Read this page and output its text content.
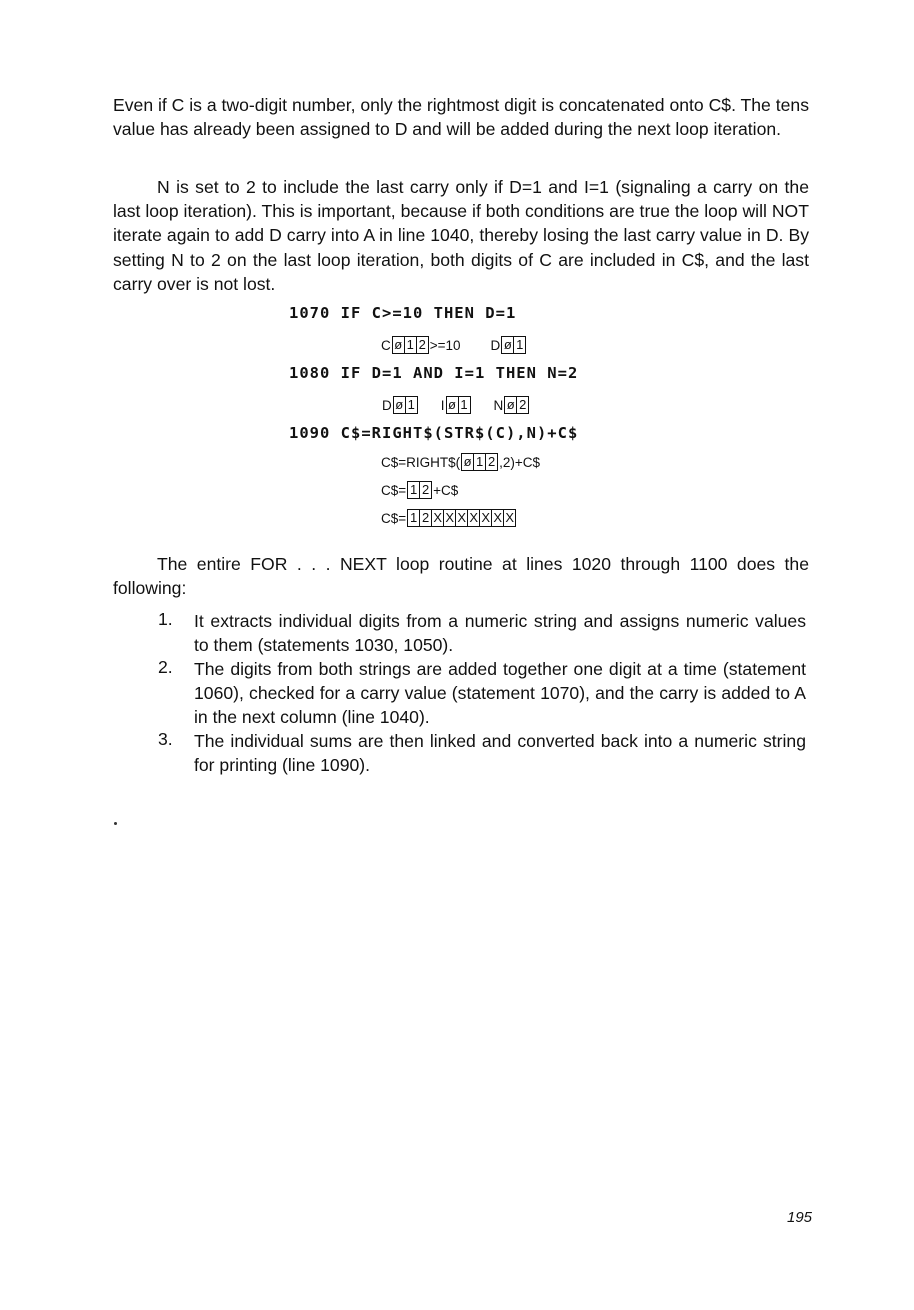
Even if C is a two-digit number, only the rightmost digit is concatenated onto C$. The tens value has already been assigned to D and will be added during the next loop iteration.

N is set to 2 to include the last carry only if D=1 and I=1 (signaling a carry on the last loop iteration). This is important, because if both conditions are true the loop will NOT iterate again to add D carry into A in line 1040, thereby losing the last carry value in D. By setting N to 2 on the last loop iteration, both digits of C are included in C$, and the last carry over is not lost.

1070 IF C>=10 THEN D=1
C ø 1 2 >=10 D ø 1
1080 IF D=1 AND I=1 THEN N=2
D ø 1 I ø 1 N ø 2
1090 C$=RIGHT$(STR$(C),N)+C$
C$=RIGHT$( ø 1 2 ,2)+C$
C$= 1 2 +C$
C$= 1 2 X X X X X X X

The entire FOR . . . NEXT loop routine at lines 1020 through 1100 does the following:

1. It extracts individual digits from a numeric string and assigns numeric values to them (statements 1030, 1050).

2. The digits from both strings are added together one digit at a time (statement 1060), checked for a carry value (statement 1070), and the carry is added to A in the next column (line 1040).

3. The individual sums are then linked and converted back into a numeric string for printing (line 1090).

195
